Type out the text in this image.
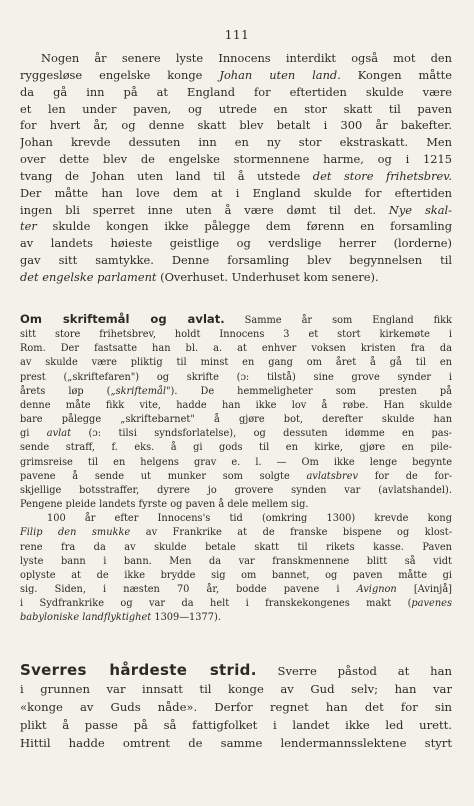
111
Nogen år senere lyste Innocens interdikt også mot den
ryggesløse engelske konge Johan uten land. Kongen måtte
da gå inn på at England for eftertiden skulde være
et len under paven, og utrede en stor skatt til paven
for hvert år, og denne skatt blev betalt i 300 år bakefter.
Johan krevde dessuten inn en ny stor ekstraskatt. Men
over dette blev de engelske stormennene harme, og i 1215
tvang de Johan uten land til å utstede det store frihetsbrev.
Der måtte han love dem at i England skulde for eftertiden
ingen bli sperret inne uten å være dømt til det. Nye skal-
ter skulde kongen ikke pålegge dem førenn en forsamling
av landets høieste geistlige og verdslige herrer (lorderne)
gav sitt samtykke. Denne forsamling blev begynnelsen til
det engelske parlament (Overhuset. Underhuset kom senere).
Om skriftemål og avlat. Samme år som England fikk
sitt store frihetsbrev, holdt Innocens 3 et stort kirkemøte i
Rom. Der fastsatte han bl. a. at enhver voksen kristen fra da
av skulde være pliktig til minst en gang om året å gå til en
prest („skriftefaren") og skrifte (ɔ: tilstå) sine grove synder i
årets løp („skriftemål"). De hemmeligheter som presten på
denne måte fikk vite, hadde han ikke lov å røbe. Han skulde
bare pålegge „skriftebarnet" å gjøre bot, derefter skulde han
gi avlat (ɔ: tilsi syndsforlatelse), og dessuten idømme en pas-
sende straff, f. eks. å gi gods til en kirke, gjøre en pile-
grimsreise til en helgens grav e. l. — Om ikke lenge begynte
pavene å sende ut munker som solgte avlatsbrev for de for-
skjellige botsstraffer, dyrere jo grovere synden var (avlatshandel).
Pengene pleide landets fyrste og paven å dele mellem sig.
100 år efter Innocens's tid (omkring 1300) krevde kong
Filip den smukke av Frankrike at de franske bispene og klost-
rene fra da av skulde betale skatt til rikets kasse. Paven
lyste bann i bann. Men da var franskmennene blitt så vidt
oplyste at de ikke brydde sig om bannet, og paven måtte gi
sig. Siden, i næsten 70 år, bodde pavene i Avignon [Avinjå]
i Sydfrankrike og var da helt i franskekongenes makt (pavenes
babyloniske landflyktighet 1309—1377).
Sverres hårdeste strid. Sverre påstod at han
i grunnen var innsatt til konge av Gud selv; han var
«konge av Guds nåde». Derfor regnet han det for sin
plikt å passe på så fattigfolket i landet ikke led urett.
Hittil hadde omtrent de samme lendermannsslektene styrt
